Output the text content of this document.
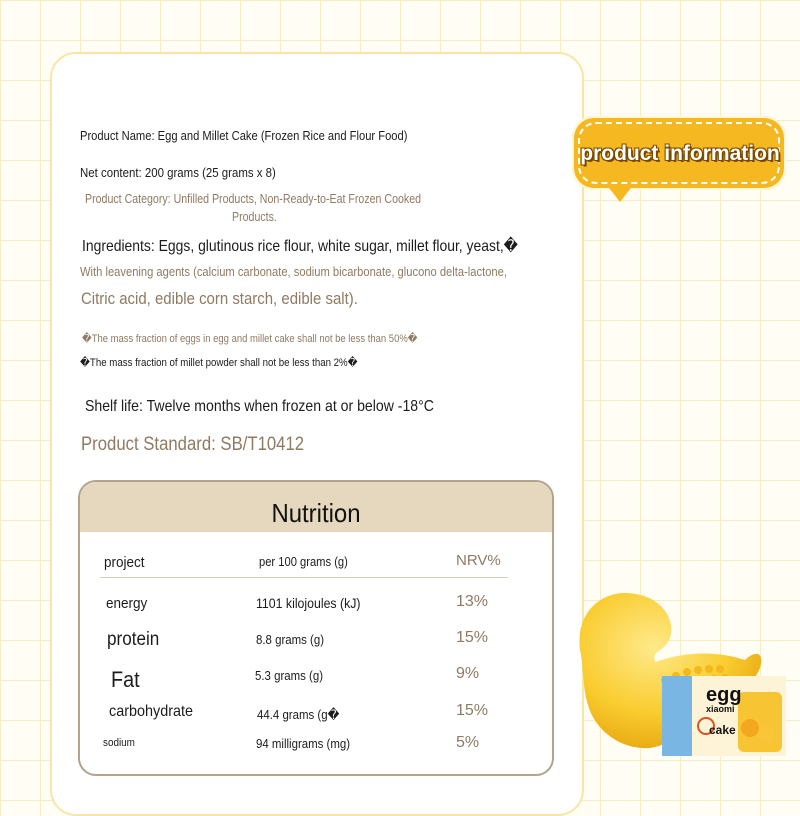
Product Name: Egg and Millet Cake (Frozen Rice and Flour Food)
Net content: 200 grams (25 grams x 8)
Product Category: Unfilled Products, Non-Ready-to-Eat Frozen Cooked
Products.
Ingredients: Eggs, glutinous rice flour, white sugar, millet flour, yeast,�
With leavening agents (calcium carbonate, sodium bicarbonate, glucono delta-lactone,
Citric acid, edible corn starch, edible salt).
�The mass fraction of eggs in egg and millet cake shall not be less than 50%�
�The mass fraction of millet powder shall not be less than 2%�
Shelf life: Twelve months when frozen at or below -18°C
Product Standard: SB/T10412
product information
Nutrition
project	per 100 grams (g)	NRV%
energy	1101 kilojoules (kJ)	13%
protein	8.8 grams (g)	15%
Fat	5.3 grams (g)	9%
carbohydrate	44.4 grams (g�	15%
sodium	94 milligrams (mg)	5%
egg
xiaomi
cake
